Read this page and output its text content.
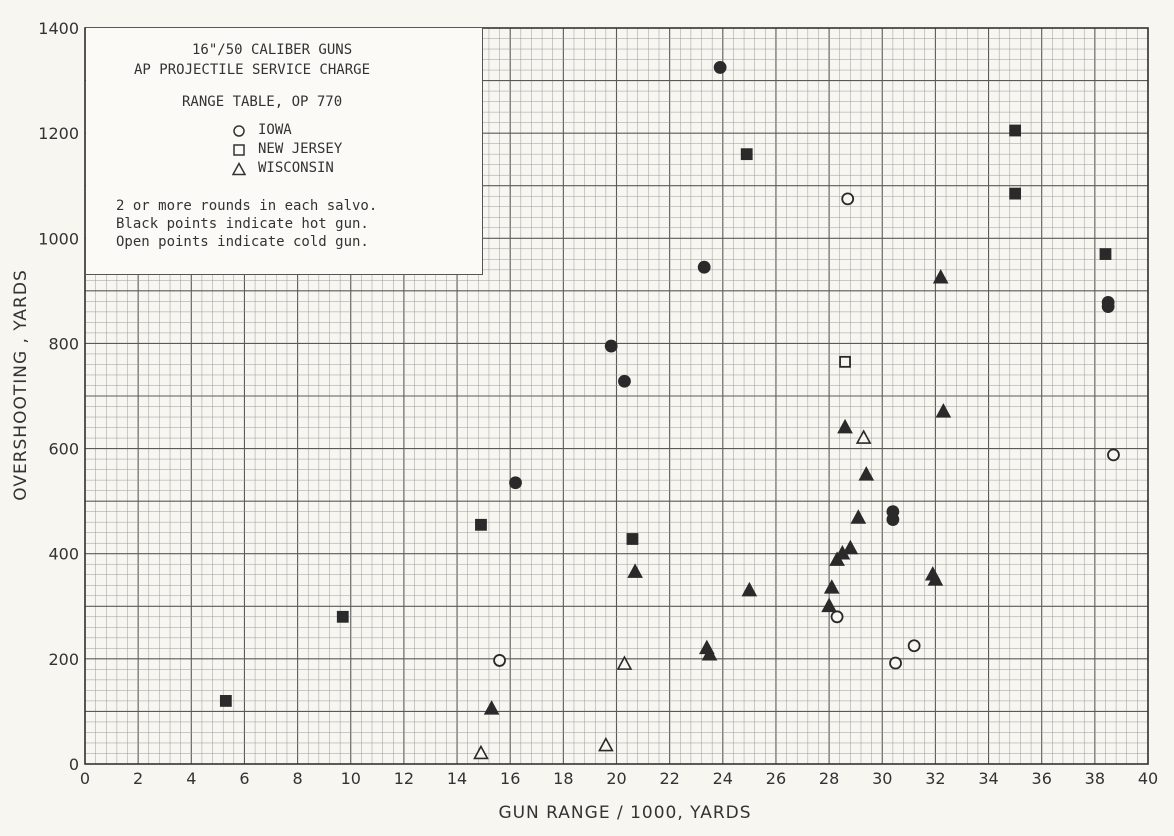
0	2	4	6	8 10 12 14 16 18 20 22 24 26 28 30 32 34 36 38 40
0
200
400
600
800
1000
1200
1400
GUN RANGE / 1000, YARDS
OVERSHOOTING , YARDS
16"/50 CALIBER GUNS
AP PROJECTILE SERVICE CHARGE
RANGE TABLE, OP 770
IOWA
NEW JERSEY
WISCONSIN
2 or more rounds in each salvo.
Black points indicate hot gun.
Open points indicate cold gun.
